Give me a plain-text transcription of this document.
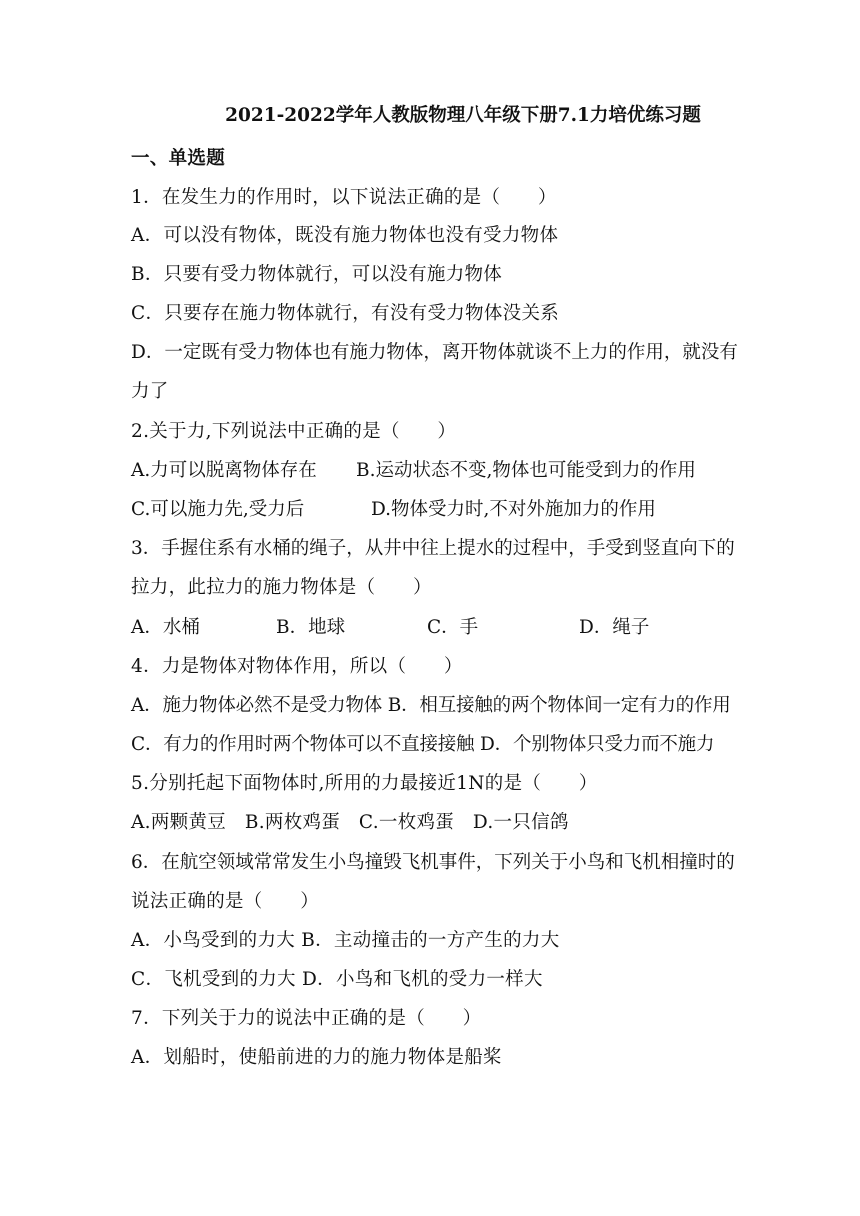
2021-2022学年人教版物理八年级下册7.1力培优练习题
一、单选题
1．在发生力的作用时，以下说法正确的是（　　）
A．可以没有物体，既没有施力物体也没有受力物体
B．只要有受力物体就行，可以没有施力物体
C．只要存在施力物体就行，有没有受力物体没关系
D．一定既有受力物体也有施力物体，离开物体就谈不上力的作用，就没有
力了
2.关于力,下列说法中正确的是（　　）
A.力可以脱离物体存在 B.运动状态不变,物体也可能受到力的作用
C.可以施力先,受力后	D.物体受力时,不对外施加力的作用
3．手握住系有水桶的绳子，从井中往上提水的过程中，手受到竖直向下的
拉力，此拉力的施力物体是（　　）
A．水桶	B．地球	C．手	D．绳子
4．力是物体对物体作用，所以（　　）
A．施力物体必然不是受力物体 B．相互接触的两个物体间一定有力的作用
C．有力的作用时两个物体可以不直接接触 D．个别物体只受力而不施力
5.分别托起下面物体时,所用的力最接近1N的是（　　）
A.两颗黄豆　B.两枚鸡蛋　C.一枚鸡蛋　D.一只信鸽
6．在航空领域常常发生小鸟撞毁飞机事件，下列关于小鸟和飞机相撞时的
说法正确的是（　　）
A．小鸟受到的力大 B．主动撞击的一方产生的力大
C．飞机受到的力大 D．小鸟和飞机的受力一样大
7．下列关于力的说法中正确的是（　　）
A．划船时，使船前进的力的施力物体是船桨
